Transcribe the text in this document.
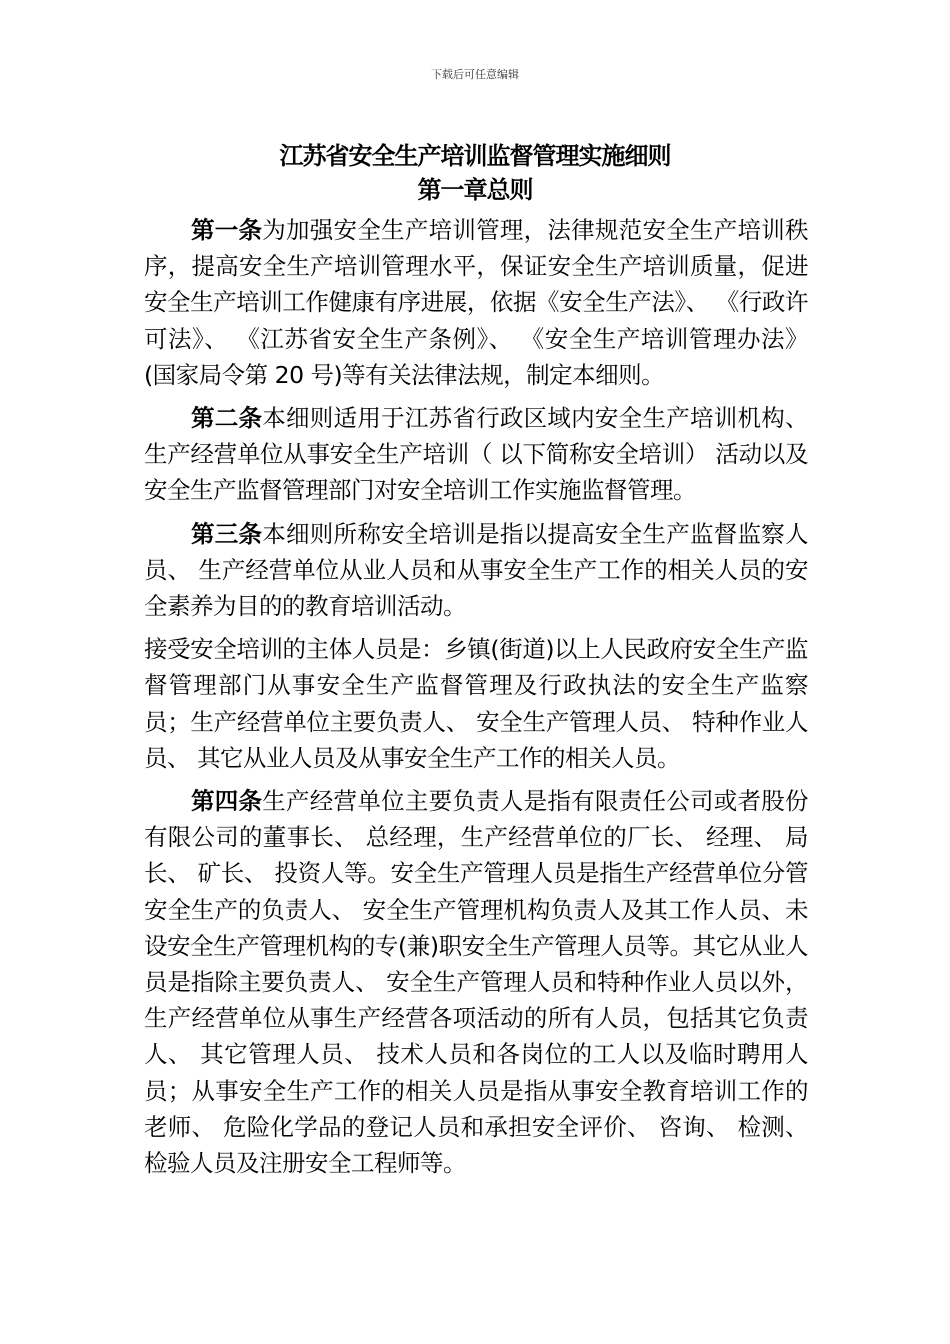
下载后可任意编辑
江苏省安全生产培训监督管理实施细则
第一章总则

第一条为加强安全生产培训管理，法律规范安全生产培训秩序，提高安全生产培训管理水平，保证安全生产培训质量，促进安全生产培训工作健康有序进展，依据《安全生产法》、 《行政许可法》、 《江苏省安全生产条例》、 《安全生产培训管理办法》(国家局令第 20 号)等有关法律法规，制定本细则。

第二条本细则适用于江苏省行政区域内安全生产培训机构、生产经营单位从事安全生产培训（ 以下简称安全培训） 活动以及安全生产监督管理部门对安全培训工作实施监督管理。

第三条本细则所称安全培训是指以提高安全生产监督监察人员、 生产经营单位从业人员和从事安全生产工作的相关人员的安全素养为目的的教育培训活动。

接受安全培训的主体人员是：乡镇(街道)以上人民政府安全生产监督管理部门从事安全生产监督管理及行政执法的安全生产监察员；生产经营单位主要负责人、 安全生产管理人员、 特种作业人员、 其它从业人员及从事安全生产工作的相关人员。

第四条生产经营单位主要负责人是指有限责任公司或者股份有限公司的董事长、 总经理，生产经营单位的厂长、 经理、 局长、 矿长、 投资人等。安全生产管理人员是指生产经营单位分管安全生产的负责人、 安全生产管理机构负责人及其工作人员、未设安全生产管理机构的专(兼)职安全生产管理人员等。其它从业人员是指除主要负责人、 安全生产管理人员和特种作业人员以外，生产经营单位从事生产经营各项活动的所有人员，包括其它负责人、 其它管理人员、 技术人员和各岗位的工人以及临时聘用人员；从事安全生产工作的相关人员是指从事安全教育培训工作的老师、 危险化学品的登记人员和承担安全评价、 咨询、 检测、 检验人员及注册安全工程师等。
